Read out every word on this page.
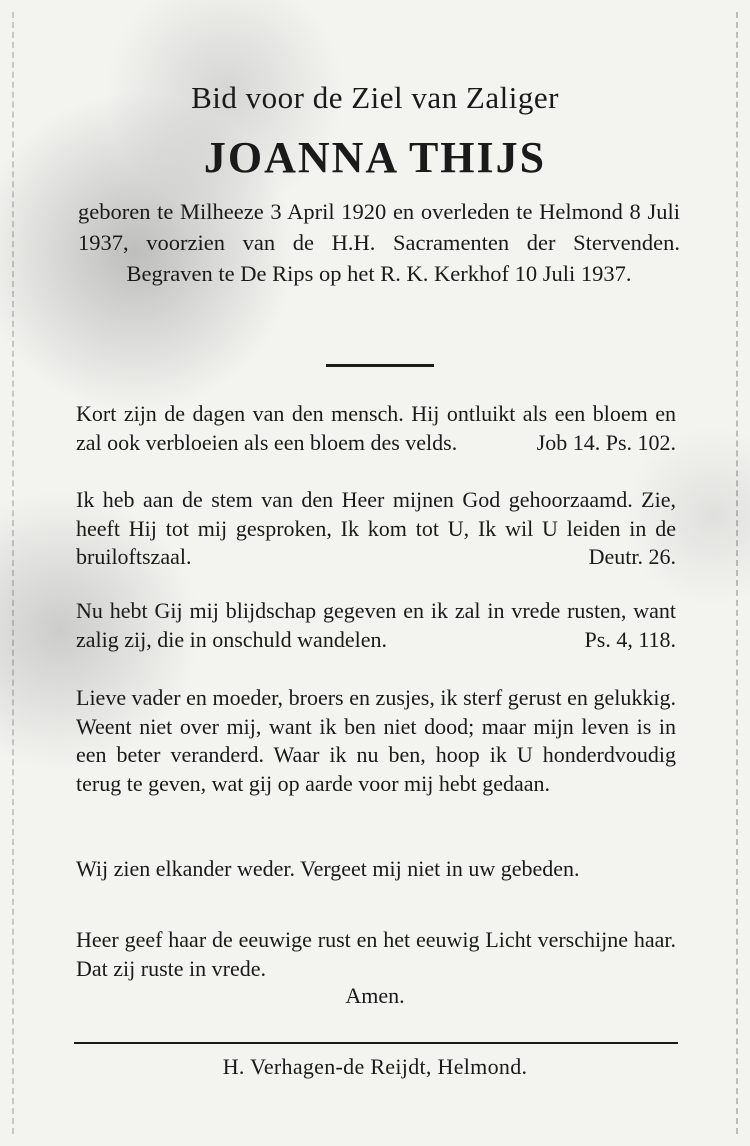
Bid voor de Ziel van Zaliger
JOANNA THIJS
geboren te Milheeze 3 April 1920 en overleden te Helmond 8 Juli 1937, voorzien van de H.H. Sacramenten der Stervenden. Begraven te De Rips op het R. K. Kerkhof 10 Juli 1937.
Kort zijn de dagen van den mensch. Hij ontluikt als een bloem en zal ook verbloeien als een bloem des velds.	Job 14. Ps. 102.
Ik heb aan de stem van den Heer mijnen God gehoorzaamd. Zie, heeft Hij tot mij gesproken, Ik kom tot U, Ik wil U leiden in de bruiloftszaal.	Deutr. 26.
Nu hebt Gij mij blijdschap gegeven en ik zal in vrede rusten, want zalig zij, die in onschuld wandelen.	Ps. 4, 118.
Lieve vader en moeder, broers en zusjes, ik sterf gerust en gelukkig. Weent niet over mij, want ik ben niet dood; maar mijn leven is in een beter veranderd. Waar ik nu ben, hoop ik U honderdvoudig terug te geven, wat gij op aarde voor mij hebt gedaan.
Wij zien elkander weder. Vergeet mij niet in uw gebeden.
Heer geef haar de eeuwige rust en het eeuwig Licht verschijne haar. Dat zij ruste in vrede.
Amen.
H. Verhagen-de Reijdt, Helmond.
